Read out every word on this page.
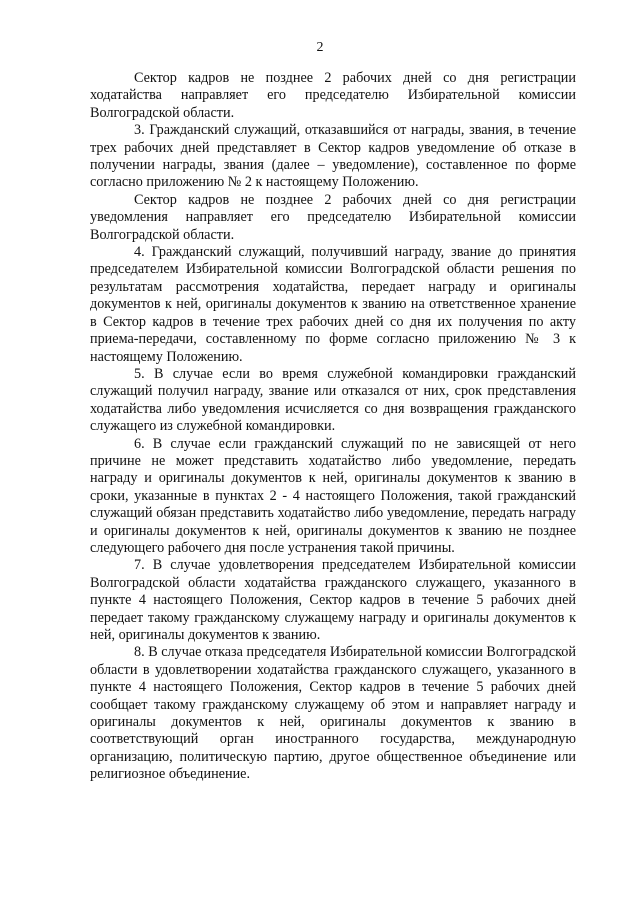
2

Сектор кадров не позднее 2 рабочих дней со дня регистрации ходатайства направляет его председателю Избирательной комиссии Волгоградской области.

3. Гражданский служащий, отказавшийся от награды, звания, в течение трех рабочих дней представляет в Сектор кадров уведомление об отказе в получении награды, звания (далее – уведомление), составленное по форме согласно приложению № 2 к настоящему Положению.

Сектор кадров не позднее 2 рабочих дней со дня регистрации уведомления направляет его председателю Избирательной комиссии Волгоградской области.

4. Гражданский служащий, получивший награду, звание до принятия председателем Избирательной комиссии Волгоградской области решения по результатам рассмотрения ходатайства, передает награду и оригиналы документов к ней, оригиналы документов к званию на ответственное хранение в Сектор кадров в течение трех рабочих дней со дня их получения по акту приема-передачи, составленному по форме согласно приложению № 3 к настоящему Положению.

5. В случае если во время служебной командировки гражданский служащий получил награду, звание или отказался от них, срок представления ходатайства либо уведомления исчисляется со дня возвращения гражданского служащего из служебной командировки.

6. В случае если гражданский служащий по не зависящей от него причине не может представить ходатайство либо уведомление, передать награду и оригиналы документов к ней, оригиналы документов к званию в сроки, указанные в пунктах 2 - 4 настоящего Положения, такой гражданский служащий обязан представить ходатайство либо уведомление, передать награду и оригиналы документов к ней, оригиналы документов к званию не позднее следующего рабочего дня после устранения такой причины.

7. В случае удовлетворения председателем Избирательной комиссии Волгоградской области ходатайства гражданского служащего, указанного в пункте 4 настоящего Положения, Сектор кадров в течение 5 рабочих дней передает такому гражданскому служащему награду и оригиналы документов к ней, оригиналы документов к званию.

8. В случае отказа председателя Избирательной комиссии Волгоградской области в удовлетворении ходатайства гражданского служащего, указанного в пункте 4 настоящего Положения, Сектор кадров в течение 5 рабочих дней сообщает такому гражданскому служащему об этом и направляет награду и оригиналы документов к ней, оригиналы документов к званию в соответствующий орган иностранного государства, международную организацию, политическую партию, другое общественное объединение или религиозное объединение.
